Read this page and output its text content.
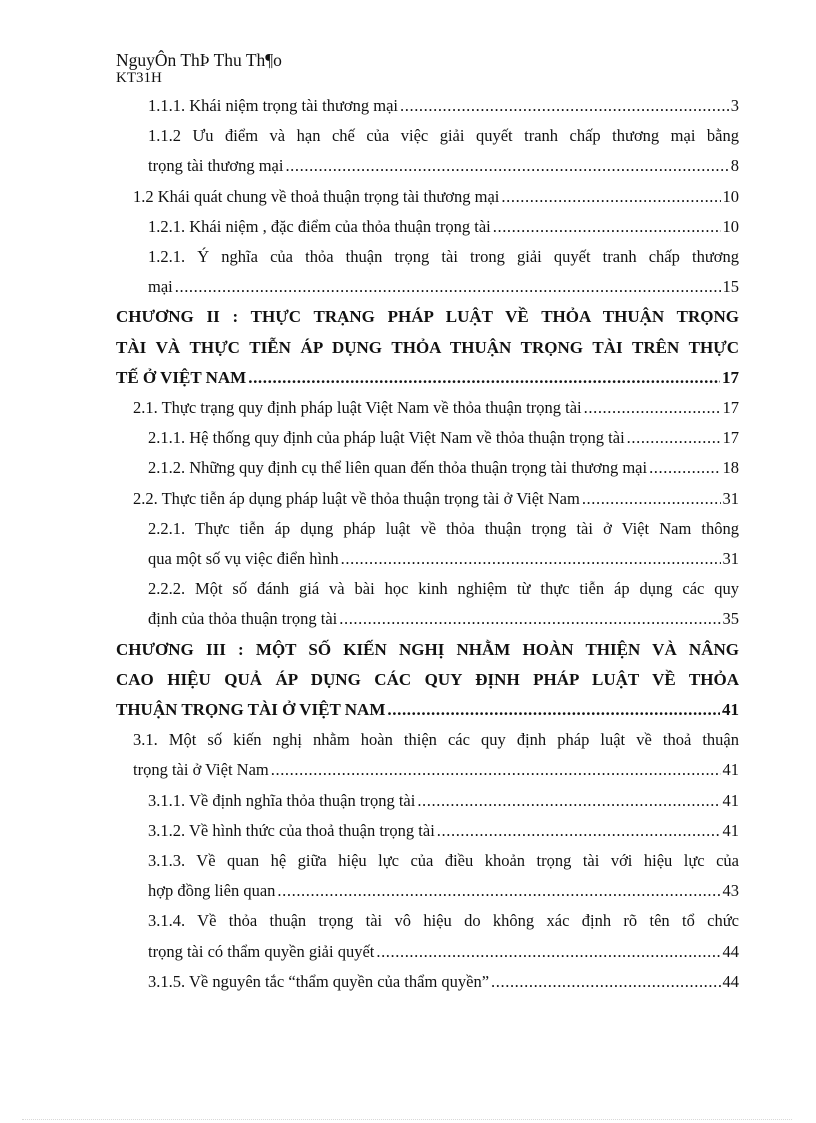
NguyÔn ThÞ Thu Th¶o
KT31H
1.1.1. Khái niệm trọng tài thương mại .....	3
1.1.2 Ưu điểm và hạn chế của việc giải quyết tranh chấp thương mại bằng
trọng tài thương mại .....	8
1.2 Khái quát chung về thoả thuận trọng tài thương mại .....	10
1.2.1. Khái niệm , đặc điểm của thỏa thuận trọng tài .....	10
1.2.1. Ý nghĩa của thỏa thuận trọng tài trong giải quyết tranh chấp thương
mại .....	15
CHƯƠNG II : THỰC TRẠNG PHÁP LUẬT VỀ THỎA THUẬN TRỌNG
TÀI VÀ THỰC TIỄN ÁP DỤNG THỎA THUẬN TRỌNG TÀI TRÊN THỰC
TẾ Ở VIỆT NAM .....	17
2.1. Thực trạng quy định pháp luật Việt Nam về thỏa thuận trọng tài .....	17
2.1.1. Hệ thống quy định của pháp luật Việt Nam về thỏa thuận trọng tài .....	17
2.1.2. Những quy định cụ thể liên quan đến thỏa thuận trọng tài thương mại .....	18
2.2. Thực tiễn áp dụng pháp luật về thỏa thuận trọng tài ở Việt Nam .....	31
2.2.1. Thực tiễn áp dụng pháp luật về thỏa thuận trọng tài ở Việt Nam thông
qua một số vụ việc điển hình .....	31
2.2.2. Một số đánh giá và bài học kinh nghiệm từ thực tiễn áp dụng các quy
định của thỏa thuận trọng tài .....	35
CHƯƠNG III : MỘT SỐ KIẾN NGHỊ NHẰM HOÀN THIỆN VÀ NÂNG
CAO HIỆU QUẢ ÁP DỤNG CÁC QUY ĐỊNH PHÁP LUẬT VỀ THỎA
THUẬN TRỌNG TÀI Ở VIỆT NAM .....	41
3.1. Một số kiến nghị nhằm hoàn thiện các quy định pháp luật về thoả thuận
trọng tài ở Việt Nam .....	41
3.1.1. Về định nghĩa thỏa thuận trọng tài .....	41
3.1.2. Về hình thức của thoả thuận trọng tài .....	41
3.1.3. Về quan hệ giữa hiệu lực của điều khoản trọng tài với hiệu lực của
hợp đồng liên quan .....	43
3.1.4. Về thỏa thuận trọng tài vô hiệu do không xác định rõ tên tổ chức
trọng tài có thẩm quyền giải quyết .....	44
3.1.5. Về nguyên tắc “thẩm quyền của thẩm quyền” .....	44
